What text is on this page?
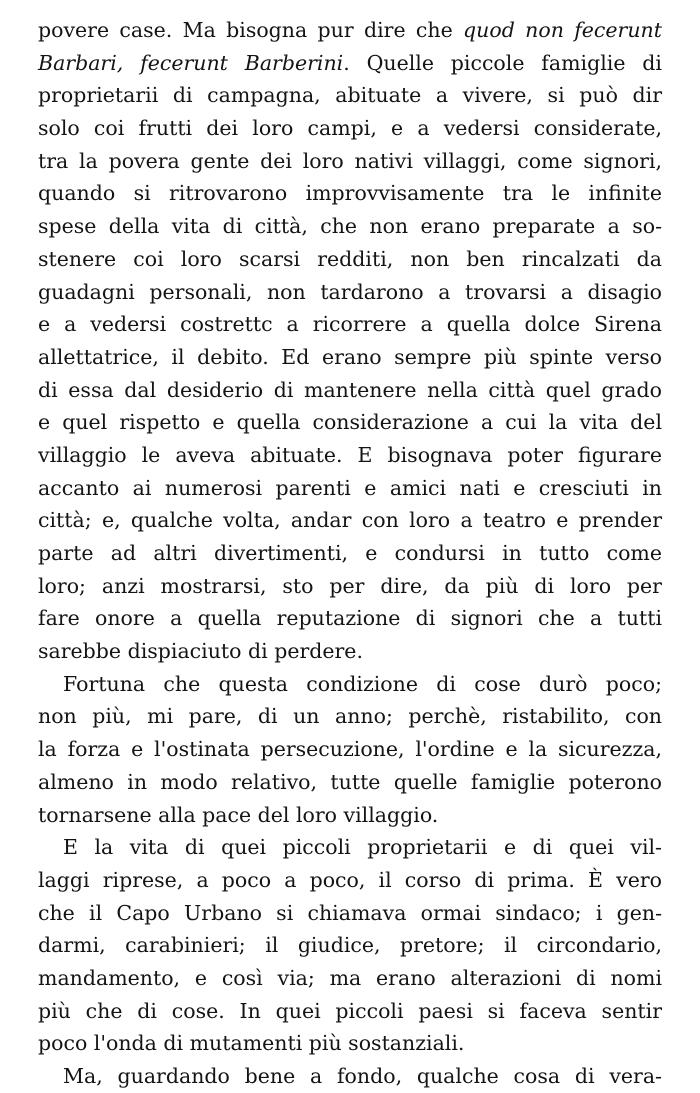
povere case. Ma bisogna pur dire che quod non fecerunt
Barbari, fecerunt Barberini. Quelle piccole famiglie di
proprietarii di campagna, abituate a vivere, si può dir
solo coi frutti dei loro campi, e a vedersi considerate,
tra la povera gente dei loro nativi villaggi, come signori,
quando si ritrovarono improvvisamente tra le infinite
spese della vita di città, che non erano preparate a so-
stenere coi loro scarsi redditi, non ben rincalzati da
guadagni personali, non tardarono a trovarsi a disagio
e a vedersi costrettc a ricorrere a quella dolce Sirena
allettatrice, il debito. Ed erano sempre più spinte verso
di essa dal desiderio di mantenere nella città quel grado
e quel rispetto e quella considerazione a cui la vita del
villaggio le aveva abituate. E bisognava poter figurare
accanto ai numerosi parenti e amici nati e cresciuti in
città; e, qualche volta, andar con loro a teatro e prender
parte ad altri divertimenti, e condursi in tutto come
loro; anzi mostrarsi, sto per dire, da più di loro per
fare onore a quella reputazione di signori che a tutti
sarebbe dispiaciuto di perdere.
Fortuna che questa condizione di cose durò poco;
non più, mi pare, di un anno; perchè, ristabilito, con
la forza e l'ostinata persecuzione, l'ordine e la sicurezza,
almeno in modo relativo, tutte quelle famiglie poterono
tornarsene alla pace del loro villaggio.
E la vita di quei piccoli proprietarii e di quei vil-
laggi riprese, a poco a poco, il corso di prima. È vero
che il Capo Urbano si chiamava ormai sindaco; i gen-
darmi, carabinieri; il giudice, pretore; il circondario,
mandamento, e così via; ma erano alterazioni di nomi
più che di cose. In quei piccoli paesi si faceva sentir
poco l'onda di mutamenti più sostanziali.
Ma, guardando bene a fondo, qualche cosa di vera-
